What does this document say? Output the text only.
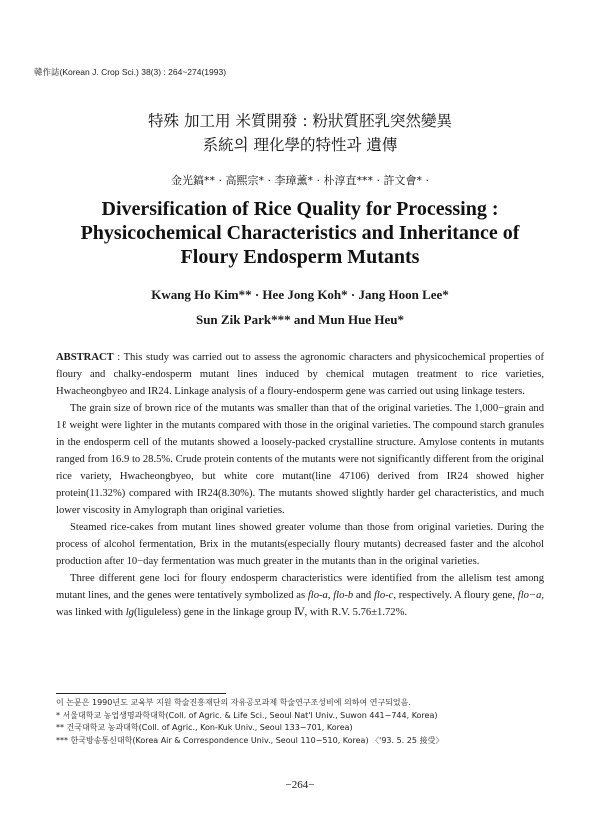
韓作誌(Korean J. Crop Sci.) 38(3) : 264~274(1993)
特殊 加工用 米質開發 : 粉狀質胚乳突然變異
系統의 理化學的特性과 遺傳
金光鎬** · 高熙宗* · 李璋薰* · 朴淳直*** · 許文會* ·
Diversification of Rice Quality for Processing :
Physicochemical Characteristics and Inheritance of
Floury Endosperm Mutants
Kwang Ho Kim** · Hee Jong Koh* · Jang Hoon Lee*
Sun Zik Park*** and Mun Hue Heu*

ABSTRACT : This study was carried out to assess the agronomic characters and physicochemical properties of floury and chalky-endosperm mutant lines induced by chemical mutagen treatment to rice varieties, Hwacheongbyeo and IR24. Linkage analysis of a floury-endosperm gene was carried out using linkage testers.

The grain size of brown rice of the mutants was smaller than that of the original varieties. The 1,000−grain and 1ℓ weight were lighter in the mutants compared with those in the original varieties. The compound starch granules in the endosperm cell of the mutants showed a loosely-packed crystalline structure. Amylose contents in mutants ranged from 16.9 to 28.5%. Crude protein contents of the mutants were not significantly different from the original rice variety, Hwacheongbyeo, but white core mutant(line 47106) derived from IR24 showed higher protein(11.32%) compared with IR24(8.30%). The mutants showed slightly harder gel characteristics, and much lower viscosity in Amylograph than original varieties.

Steamed rice-cakes from mutant lines showed greater volume than those from original varieties. During the process of alcohol fermentation, Brix in the mutants(especially floury mutants) decreased faster and the alcohol production after 10−day fermentation was much greater in the mutants than in the original varieties.

Three different gene loci for floury endosperm characteristics were identified from the allelism test among mutant lines, and the genes were tentatively symbolized as flo-a, flo-b and flo-c, respectively. A floury gene, flo−a, was linked with lg(liguleless) gene in the linkage group Ⅳ, with R.V. 5.76±1.72%.

이 논문은 1990년도 교육부 지원 학술진흥재단의 자유공모과제 학술연구조성비에 의하여 연구되었음.
* 서울대학교 농업생명과학대학(Coll. of Agric. & Life Sci., Seoul Nat'l Univ., Suwon 441−744, Korea)
** 건국대학교 농과대학(Coll. of Agric., Kon-Kuk Univ., Seoul 133−701, Korea)
*** 한국방송통신대학(Korea Air & Correspondence Univ., Seoul 110−510, Korea) 〈'93. 5. 25 接受〉
−264−
